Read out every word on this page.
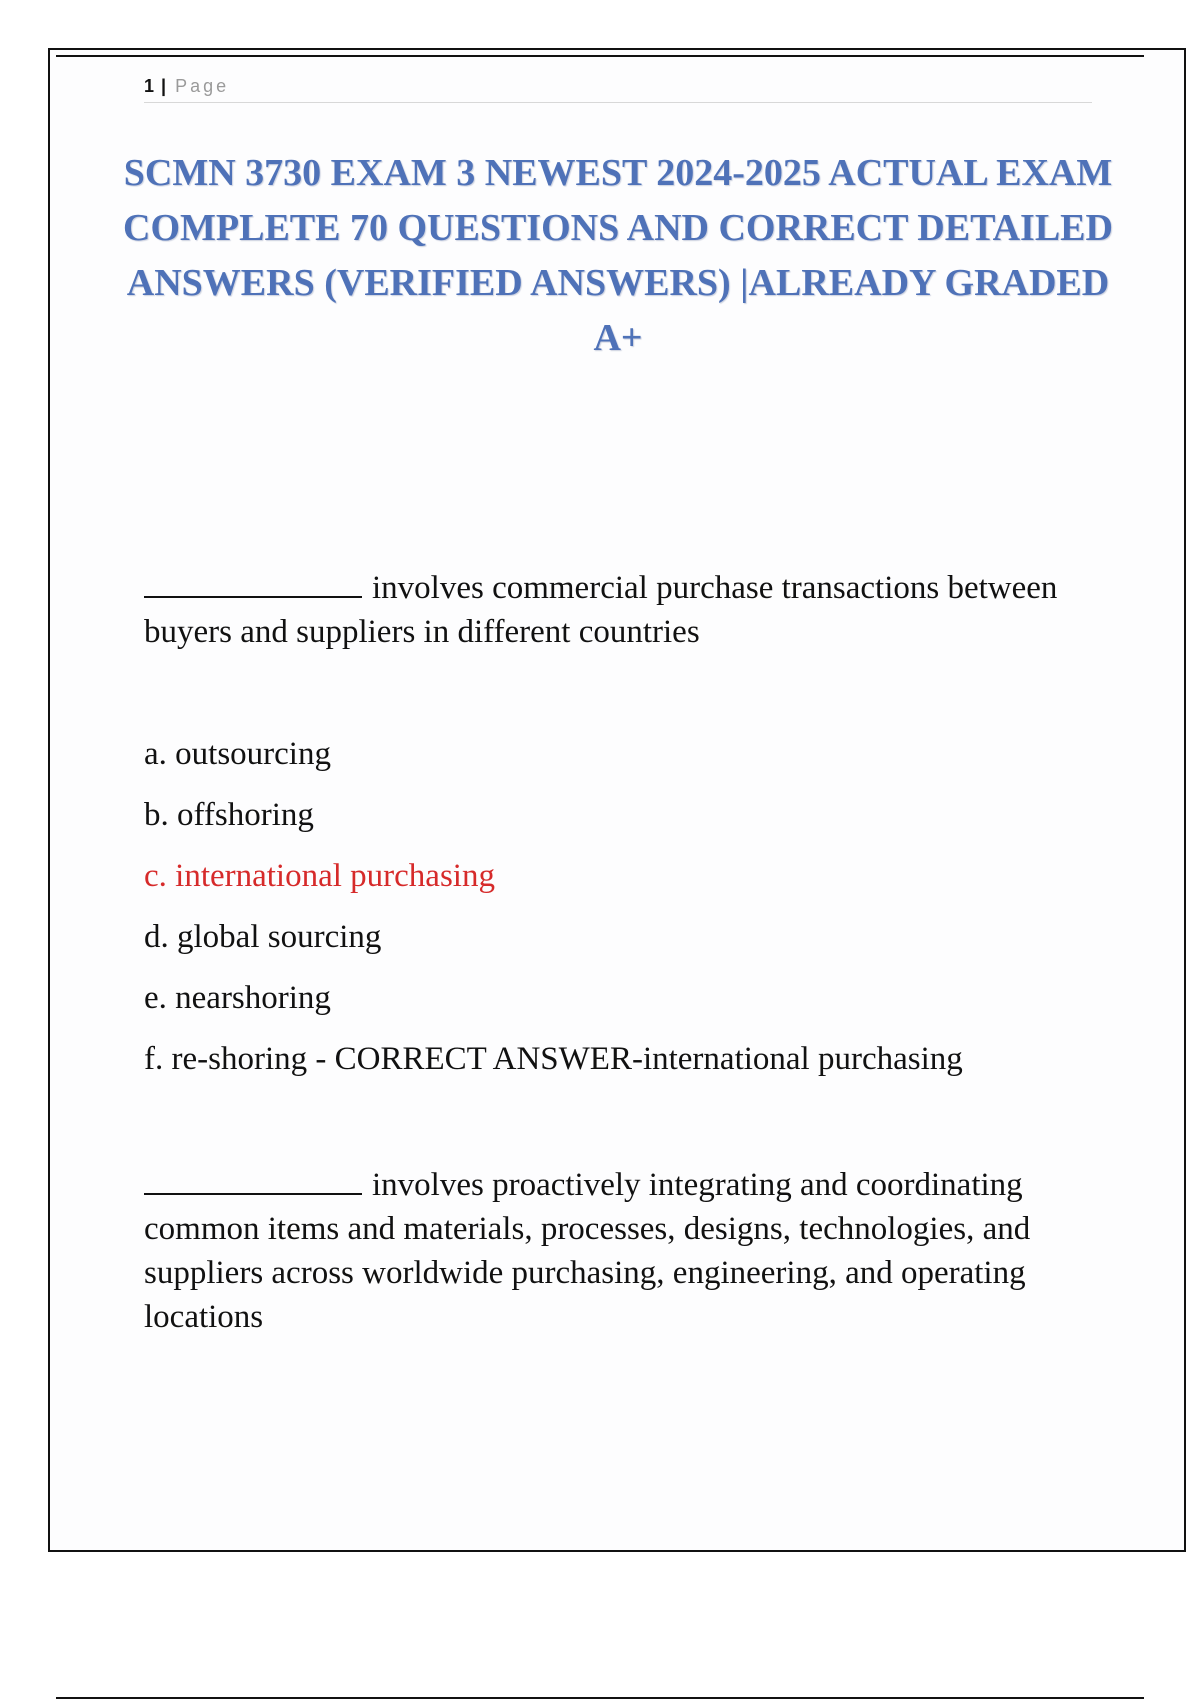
1 | Page
SCMN 3730 EXAM 3 NEWEST 2024-2025 ACTUAL EXAM COMPLETE 70 QUESTIONS AND CORRECT DETAILED ANSWERS (VERIFIED ANSWERS) |ALREADY GRADED A+

involves commercial purchase transactions between buyers and suppliers in different countries

a. outsourcing
b. offshoring
c. international purchasing
d. global sourcing
e. nearshoring
f. re-shoring - CORRECT ANSWER-international purchasing

involves proactively integrating and coordinating common items and materials, processes, designs, technologies, and suppliers across worldwide purchasing, engineering, and operating locations
